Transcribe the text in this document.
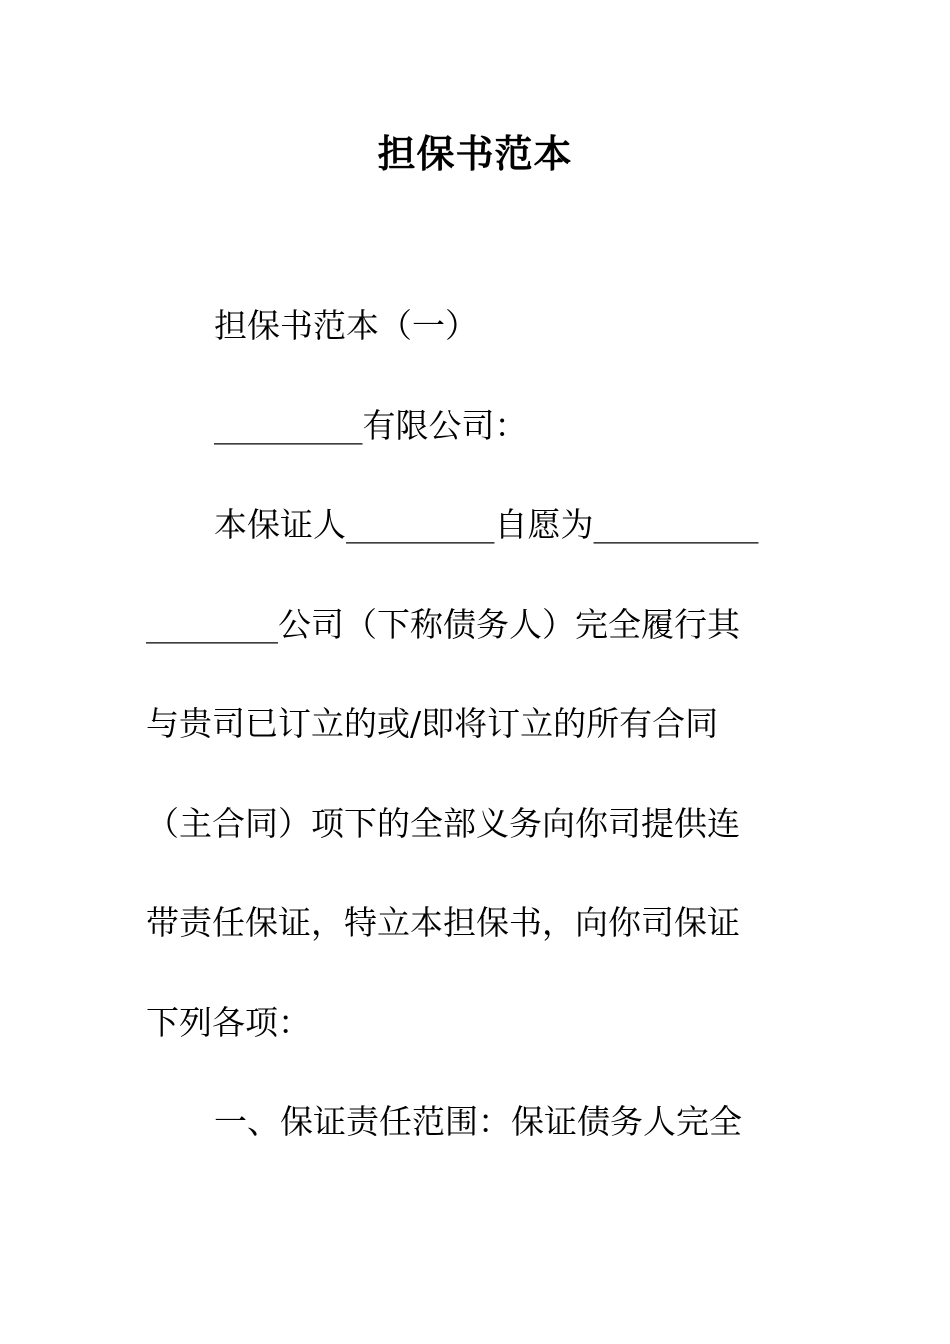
担保书范本
担保书范本（一）
_________有限公司：
本保证人_________自愿为__________
________公司（下称债务人）完全履行其
与贵司已订立的或/即将订立的所有合同
（主合同）项下的全部义务向你司提供连
带责任保证，特立本担保书，向你司保证
下列各项：
一、保证责任范围：保证债务人完全
